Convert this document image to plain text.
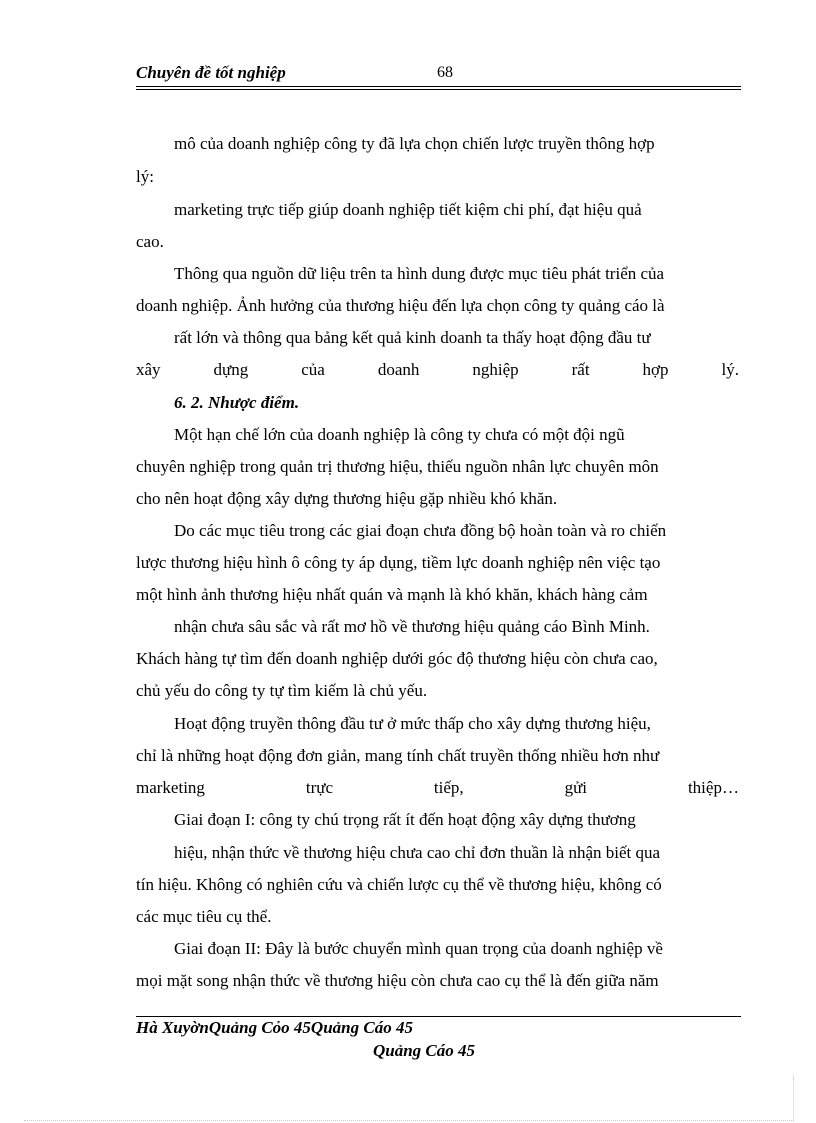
Chuyên đề tốt nghiệp	68
mô của doanh nghiệp công ty đã lựa chọn chiến lược truyền thông hợp
lý:
marketing trực tiếp giúp doanh nghiệp tiết kiệm chi phí, đạt hiệu quả
cao.
Thông qua nguồn dữ liệu trên ta hình dung được mục tiêu phát triển của
doanh nghiệp. Ảnh hưởng của thương hiệu đến lựa chọn công ty quảng cáo là
rất lớn và thông qua bảng kết quả kinh doanh ta thấy hoạt động đầu tư
xây	dựng	của	doanh	nghiệp	rất	hợp	lý.
6. 2. Nhược điểm.
Một hạn chế lớn của doanh nghiệp là công ty chưa có một đội ngũ
chuyên nghiệp trong quản trị thương hiệu, thiếu nguồn nhân lực chuyên môn
cho nên hoạt động xây dựng thương hiệu gặp nhiều khó khăn.
Do các mục tiêu trong các giai đoạn chưa đồng bộ hoàn toàn và ro chiến
lược thương hiệu hình ô công ty áp dụng, tiềm lực doanh nghiệp nên việc tạo
một hình ảnh thương hiệu nhất quán và mạnh là khó khăn, khách hàng cảm
nhận chưa sâu sắc và rất mơ hồ về thương hiệu quảng cáo Bình Minh.
Khách hàng tự tìm đến doanh nghiệp dưới góc độ thương hiệu còn chưa cao,
chủ yếu do công ty tự tìm kiếm là chủ yếu.
Hoạt động truyền thông đầu tư ở mức thấp cho xây dựng thương hiệu,
chỉ là những hoạt động đơn giản, mang tính chất truyền thống nhiều hơn như
marketing	trực	tiếp,	gửi	thiệp…
Giai đoạn I: công ty chú trọng rất ít đến hoạt động xây dựng thương
hiệu, nhận thức về thương hiệu chưa cao chỉ đơn thuần là nhận biết qua
tín hiệu. Không có nghiên cứu và chiến lược cụ thể về thương hiệu, không có
các mục tiêu cụ thể.
Giai đoạn II: Đây là bước chuyển mình quan trọng của doanh nghiệp về
mọi mặt song nhận thức về thương hiệu còn chưa cao cụ thể là đến giữa năm
Hà XuyờnQuảng Cỏo 45Quảng Cáo 45
Quảng Cáo 45
